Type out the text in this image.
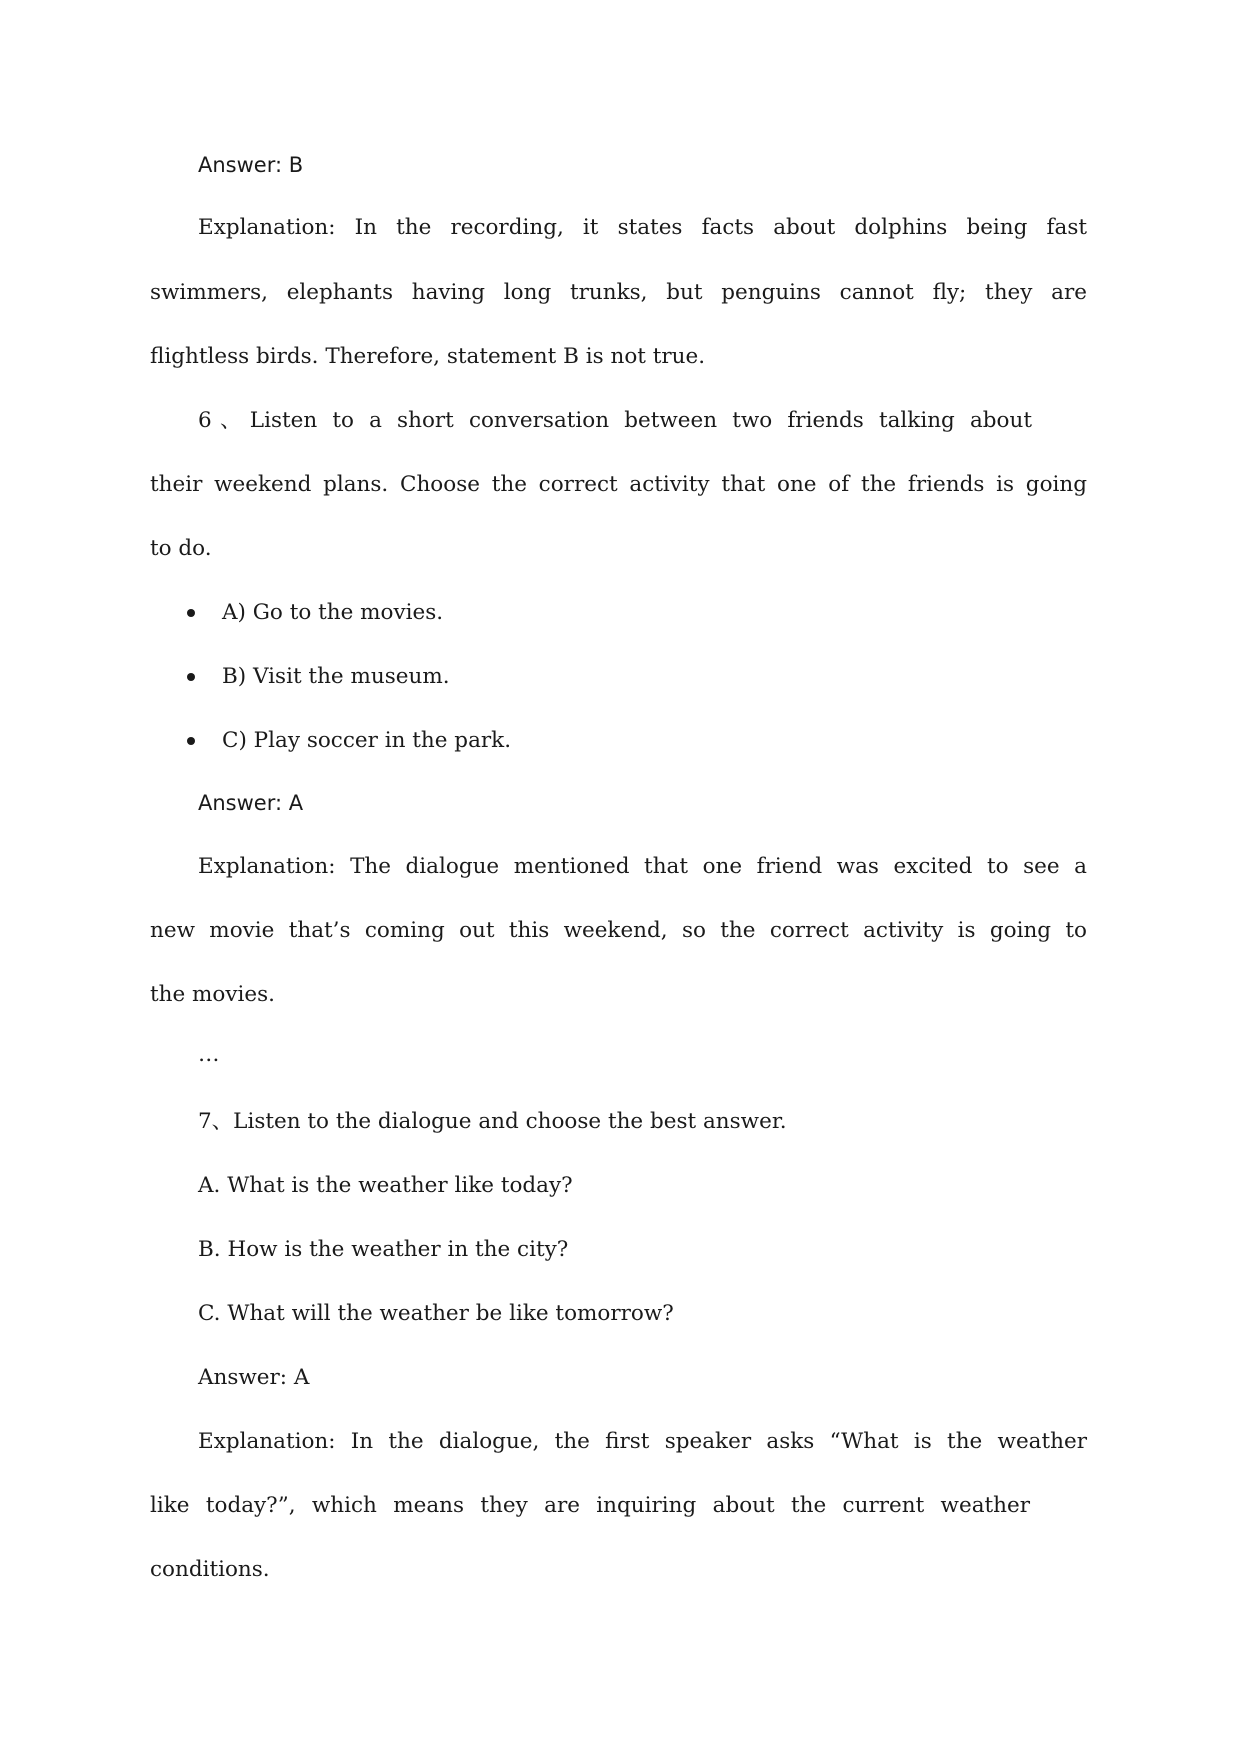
Answer: B
Explanation: In the recording, it states facts about dolphins being fast
swimmers, elephants having long trunks, but penguins cannot fly; they are
flightless birds. Therefore, statement B is not true.
6、Listen to a short conversation between two friends talking about
their weekend plans. Choose the correct activity that one of the friends is going
to do.
A) Go to the movies.
B) Visit the museum.
C) Play soccer in the park.
Answer: A
Explanation: The dialogue mentioned that one friend was excited to see a
new movie that’s coming out this weekend, so the correct activity is going to
the movies.
…
7、Listen to the dialogue and choose the best answer.
A. What is the weather like today?
B. How is the weather in the city?
C. What will the weather be like tomorrow?
Answer: A
Explanation: In the dialogue, the first speaker asks “What is the weather
like today?”, which means they are inquiring about the current weather
conditions.
